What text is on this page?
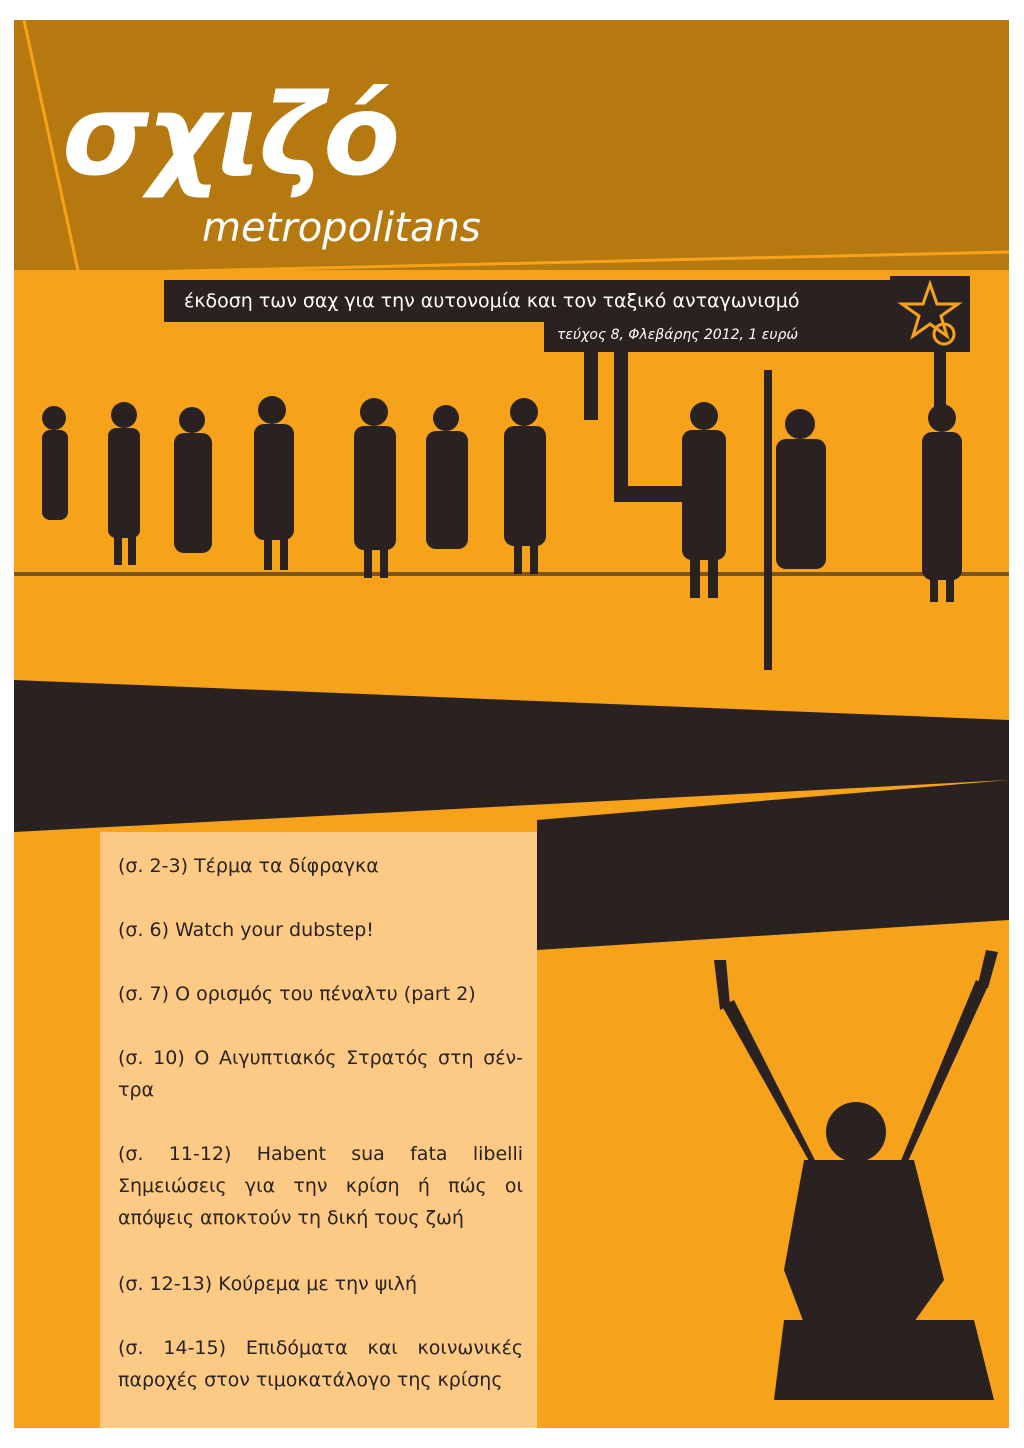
σχιζό

metropolitans

έκδοση των σαχ για την αυτονομία και τον ταξικό ανταγωνισμό

τεύχος 8, Φλεβάρης 2012, 1 ευρώ

(σ. 2-3) Τέρμα τα δίφραγκα
(σ. 6) Watch your dubstep!
(σ. 7) Ο ορισμός του πέναλτυ (part 2)
(σ. 10) Ο Αιγυπτιακός Στρατός στη σέν-τρα
(σ. 11-12) Habent sua fata libelli Σημειώσεις για την κρίση ή πώς οι απόψεις αποκτούν τη δική τους ζωή
(σ. 12-13) Κούρεμα με την ψιλή
(σ. 14-15) Επιδόματα και κοινωνικές παροχές στον τιμοκατάλογο της κρίσης
